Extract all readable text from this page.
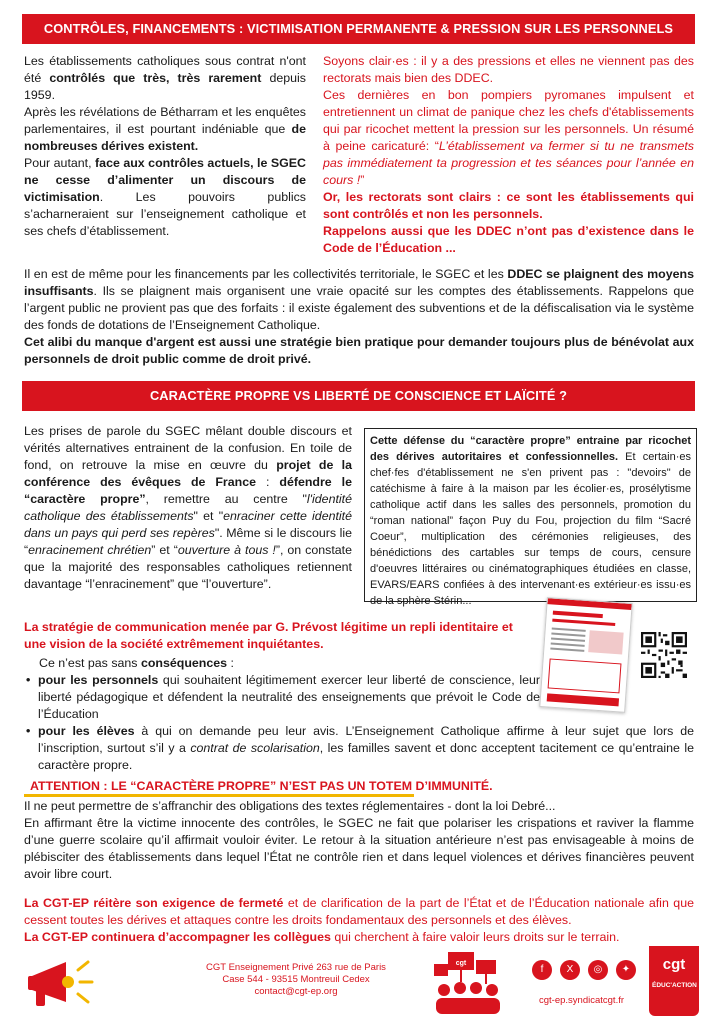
CONTRÔLES, FINANCEMENTS : VICTIMISATION PERMANENTE & PRESSION SUR LES PERSONNELS

Les établissements catholiques sous contrat n'ont été contrôlés que très, très rarement depuis 1959.

Après les révélations de Bétharram et les enquêtes parlementaires, il est pourtant indéniable que de nombreuses dérives existent.

Pour autant, face aux contrôles actuels, le SGEC ne cesse d’alimenter un discours de victimisation. Les pouvoirs publics s’acharneraient sur l’enseignement catholique et ses chefs d’établissement.

Soyons clair·es : il y a des pressions et elles ne viennent pas des rectorats mais bien des DDEC.

Ces dernières en bon pompiers pyromanes impulsent et entretiennent un climat de panique chez les chefs d'établissements qui par ricochet mettent la pression sur les personnels. Un résumé à peine caricaturé: “L’établissement va fermer si tu ne transmets pas immédiatement ta progression et tes séances pour l’année en cours !”

Or, les rectorats sont clairs : ce sont les établissements qui sont contrôlés et non les personnels.

Rappelons aussi que les DDEC n’ont pas d’existence dans le Code de l’Éducation ...

Il en est de même pour les financements par les collectivités territoriale, le SGEC et les DDEC se plaignent des moyens insuffisants. Ils se plaignent mais organisent une vraie opacité sur les comptes des établissements. Rappelons que l’argent public ne provient pas que des forfaits : il existe également des subventions et de la défiscalisation via le système des fonds de dotations de l’Enseignement Catholique.

Cet alibi du manque d'argent est aussi une stratégie bien pratique pour demander toujours plus de bénévolat aux personnels de droit public comme de droit privé.

CARACTÈRE PROPRE VS LIBERTÉ DE CONSCIENCE ET LAÏCITÉ ?

Les prises de parole du SGEC mêlant double discours et vérités alternatives entrainent de la confusion. En toile de fond, on retrouve la mise en œuvre du projet de la conférence des évêques de France : défendre le “caractère propre”, remettre au centre "l'identité catholique des établissements" et "enraciner cette identité dans un pays qui perd ses repères". Même si le discours lie “enracinement chrétien” et “ouverture à tous !”, on constate que la majorité des responsables catholiques retiennent davantage “l’enracinement” que “l’ouverture”.

Cette défense du “caractère propre” entraine par ricochet des dérives autoritaires et confessionnelles. Et certain·es chef·fes d'établissement ne s'en privent pas : "devoirs" de catéchisme à faire à la maison par les écolier·es, prosélytisme catholique actif dans les salles des personnels, promotion du “roman national” façon Puy du Fou, projection du film “Sacré Coeur”, multiplication des cérémonies religieuses, des bénédictions des cartables sur temps de cours, censure d'oeuvres littéraires ou cinématographiques étudiées en classe, EVARS/EARS confiées à des intervenant·es extérieur·es issu·es de la sphère Stérin...

La stratégie de communication menée par G. Prévost légitime un repli identitaire et une vision de la société extrêmement inquiétantes.

Ce n’est pas sans conséquences :

• pour les personnels qui souhaitent légitimement exercer leur liberté de conscience, leur liberté pédagogique et défendent la neutralité des enseignements que prévoit le Code de l’Éducation
• pour les élèves à qui on demande peu leur avis. L’Enseignement Catholique affirme à leur sujet que lors de l’inscription, surtout s’il y a contrat de scolarisation, les familles savent et donc acceptent tacitement ce qu’entraine le caractère propre.
ATTENTION : LE “CARACTÈRE PROPRE” N’EST PAS UN TOTEM D’IMMUNITÉ.

Il ne peut permettre de s’affranchir des obligations des textes réglementaires - dont la loi Debré...

En affirmant être la victime innocente des contrôles, le SGEC ne fait que polariser les crispations et raviver la flamme d’une guerre scolaire qu’il affirmait vouloir éviter. Le retour à la situation antérieure n’est pas envisageable à moins de plébisciter des établissements dans lequel l’État ne contrôle rien et dans lequel violences et dérives financières peuvent avoir libre court.

La CGT-EP réitère son exigence de fermeté et de clarification de la part de l’État et de l’Éducation nationale afin que cessent toutes les dérives et attaques contre les droits fondamentaux des personnels et des élèves.

La CGT-EP continuera d’accompagner les collègues qui cherchent à faire valoir leurs droits sur le terrain.

CGT Enseignement Privé 263 rue de Paris
Case 544 - 93515 Montreuil Cedex
contact@cgt-ep.org
cgt
f	X	◎	✦
cgt-ep.syndicatcgt.fr
cgt
ÉDUC'ACTION
